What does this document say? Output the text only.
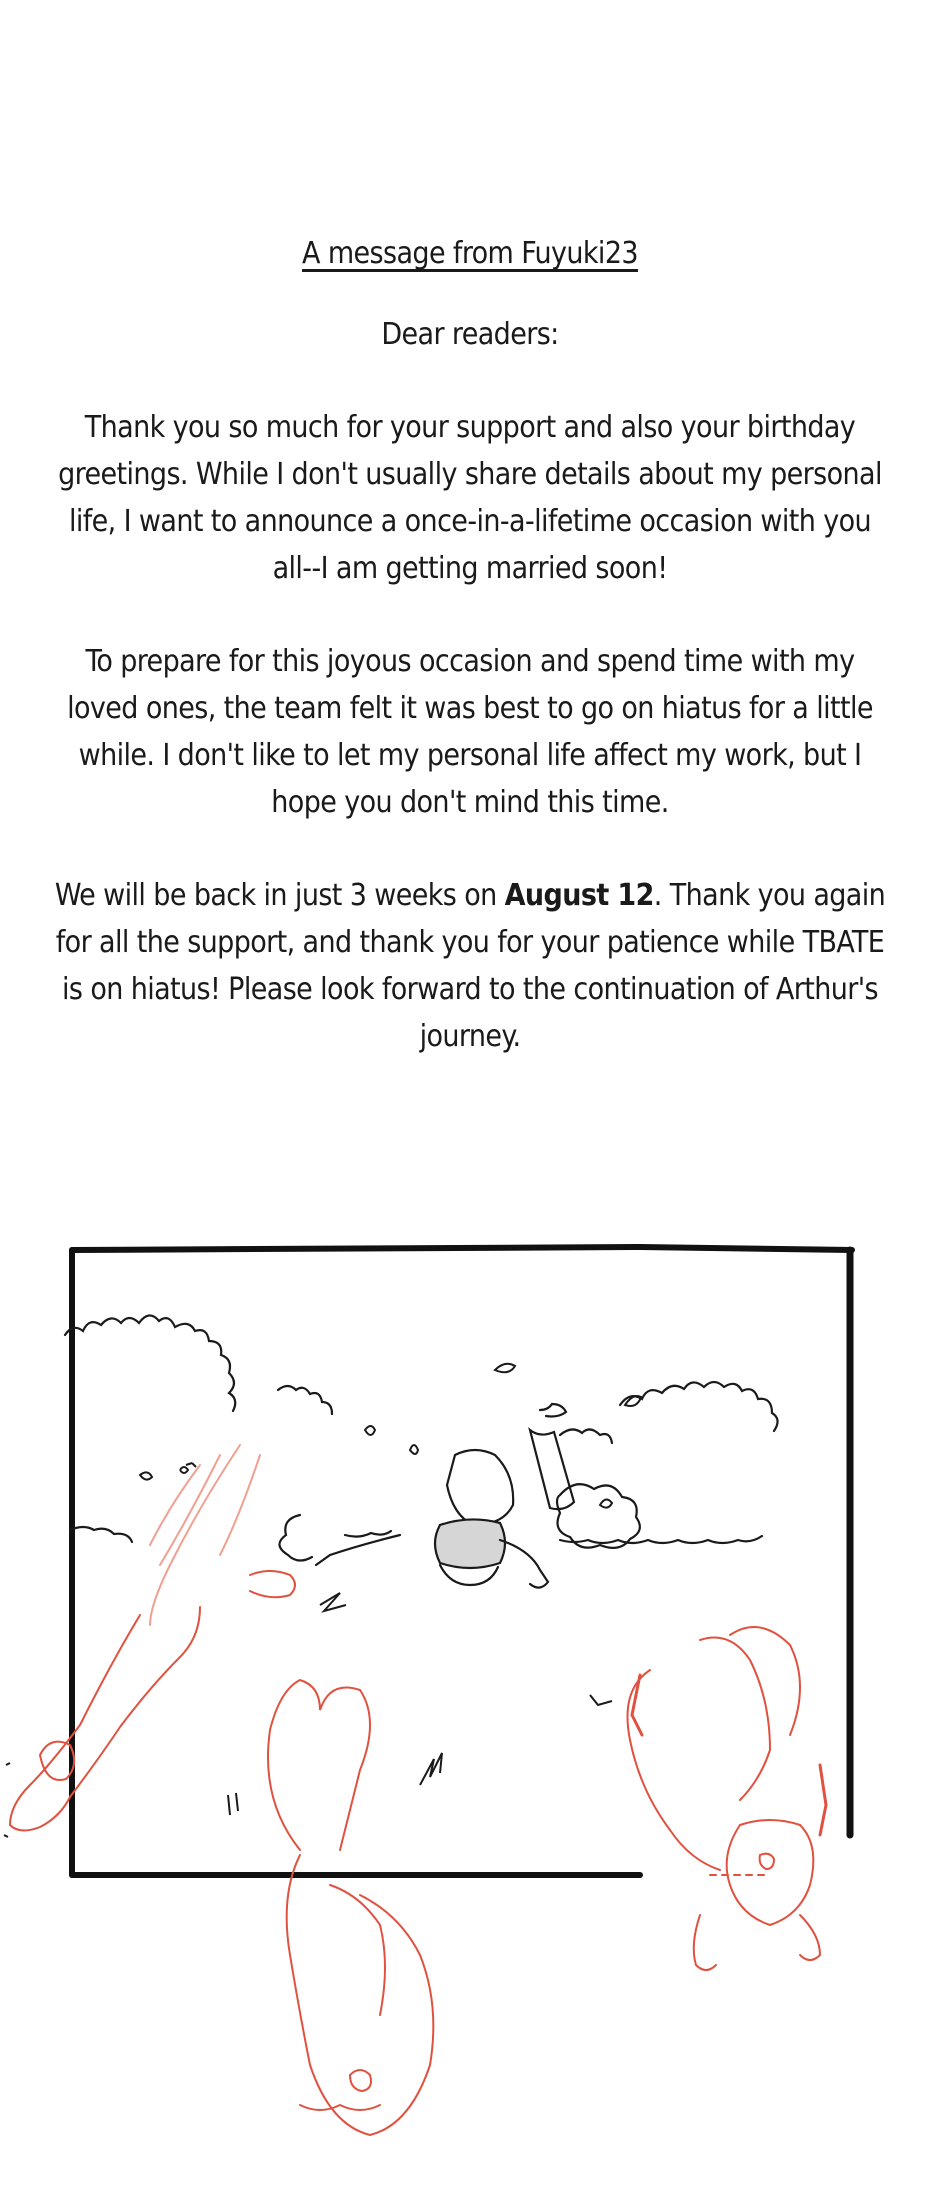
A message from Fuyuki23
Dear readers:
Thank you so much for your support and also your birthday greetings. While I don't usually share details about my personal life, I want to announce a once-in-a-lifetime occasion with you all--I am getting married soon!
To prepare for this joyous occasion and spend time with my loved ones, the team felt it was best to go on hiatus for a little while. I don't like to let my personal life affect my work, but I hope you don't mind this time.
We will be back in just 3 weeks on August 12. Thank you again for all the support, and thank you for your patience while TBATE is on hiatus! Please look forward to the continuation of Arthur's journey.
